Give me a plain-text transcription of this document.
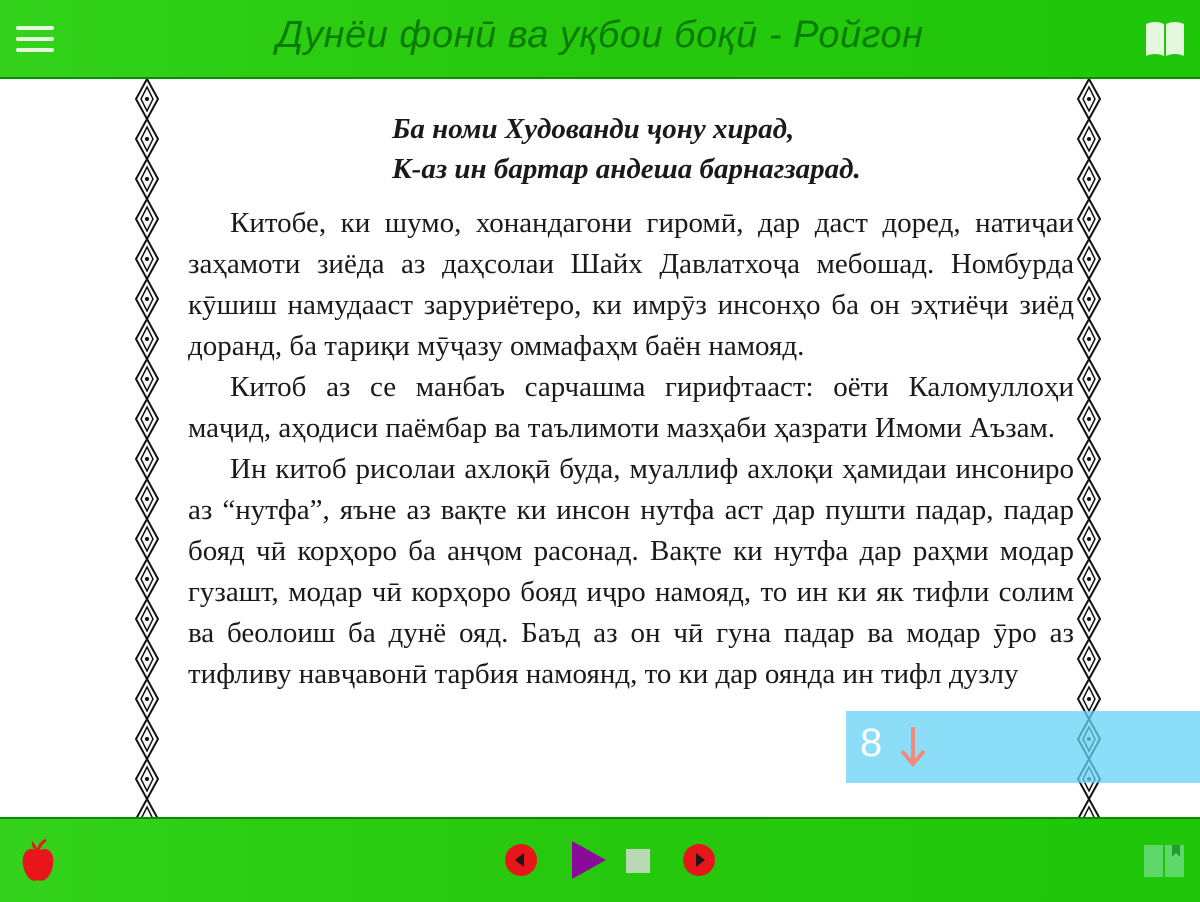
Дунёи фонӣ ва уқбои боқӣ - Ройгон
Ба номи Худованди ҷону хирад,
К-аз ин бартар андеша барнагзарад.

Китобе, ки шумо, хонандагони гиромӣ, дар даст доред, натиҷаи заҳамоти зиёда аз даҳсолаи Шайх Давлатхоҷа мебошад. Номбурда кӯшиш намудааст заруриётеро, ки имрӯз инсонҳо ба он эҳтиёҷи зиёд доранд, ба тариқи мӯҷазу оммафаҳм баён намояд.

Китоб аз се манбаъ сарчашма гирифтааст: оёти Каломуллоҳи маҷид, аҳодиси паёмбар ва таълимоти мазҳаби ҳазрати Имоми Аъзам.

Ин китоб рисолаи ахлоқӣ буда, муаллиф ахлоқи ҳамидаи инсониро аз “нутфа”, яъне аз вақте ки инсон нутфа аст дар пушти падар, падар бояд чӣ корҳоро ба анҷом расонад. Вақте ки нутфа дар раҳми модар гузашт, модар чӣ корҳоро бояд иҷро намояд, то ин ки як тифли солим ва беолоиш ба дунё ояд. Баъд аз он чӣ гуна падар ва модар ӯро аз тифливу навҷавонӣ тарбия намоянд, то ки дар оянда ин тифл дузлу

8
